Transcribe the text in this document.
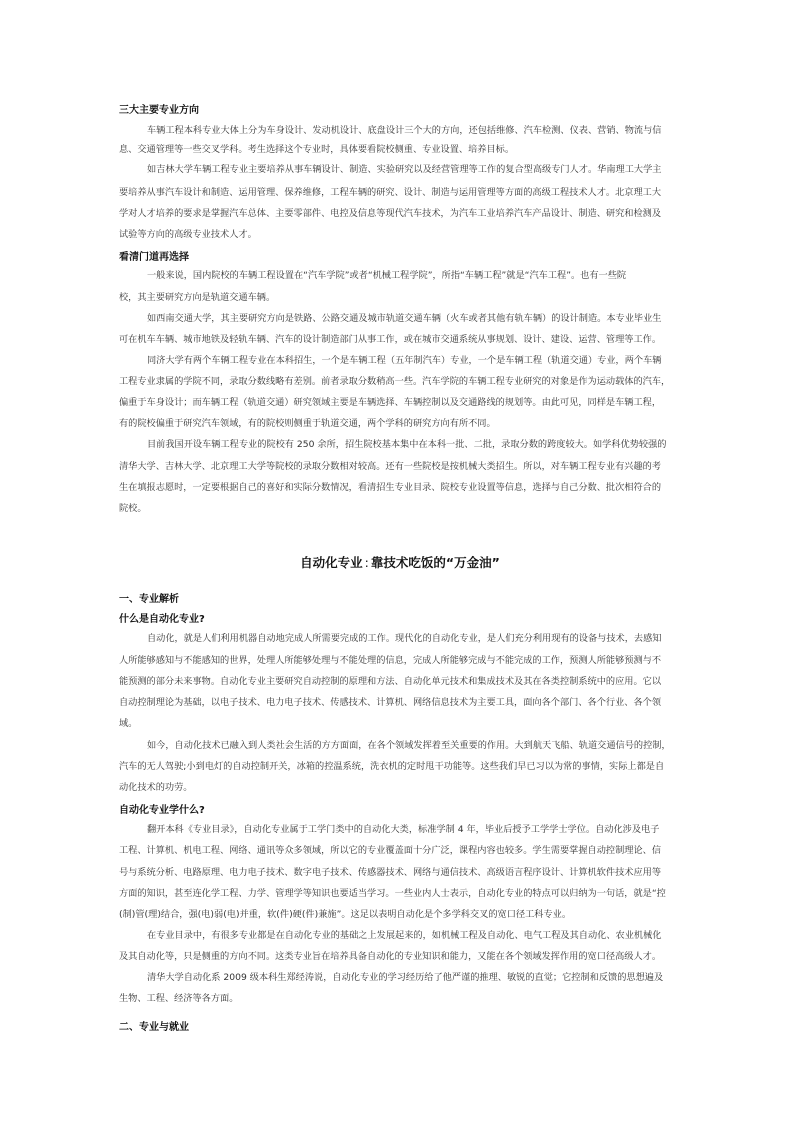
三大主要专业方向
车辆工程本科专业大体上分为车身设计、发动机设计、底盘设计三个大的方向，还包括维修、汽车检测、仪表、营销、物流与信
息、交通管理等一些交叉学科。考生选择这个专业时，具体要看院校侧重、专业设置、培养目标。
如吉林大学车辆工程专业主要培养从事车辆设计、制造、实验研究以及经营管理等工作的复合型高级专门人才。华南理工大学主
要培养从事汽车设计和制造、运用管理、保养维修，工程车辆的研究、设计、制造与运用管理等方面的高级工程技术人才。北京理工大
学对人才培养的要求是掌握汽车总体、主要零部件、电控及信息等现代汽车技术，为汽车工业培养汽车产品设计、制造、研究和检测及
试验等方向的高级专业技术人才。
看清门道再选择
一般来说，国内院校的车辆工程设置在“汽车学院”或者“机械工程学院”，所指“车辆工程”就是“汽车工程”。也有一些院
校，其主要研究方向是轨道交通车辆。
如西南交通大学，其主要研究方向是铁路、公路交通及城市轨道交通车辆（火车或者其他有轨车辆）的设计制造。本专业毕业生
可在机车车辆、城市地铁及轻轨车辆、汽车的设计制造部门从事工作，或在城市交通系统从事规划、设计、建设、运营、管理等工作。
同济大学有两个车辆工程专业在本科招生，一个是车辆工程（五年制汽车）专业，一个是车辆工程（轨道交通）专业，两个车辆
工程专业隶属的学院不同，录取分数线略有差别。前者录取分数稍高一些。汽车学院的车辆工程专业研究的对象是作为运动载体的汽车，
偏重于车身设计；而车辆工程（轨道交通）研究领域主要是车辆选择、车辆控制以及交通路线的规划等。由此可见，同样是车辆工程，
有的院校偏重于研究汽车领域，有的院校则侧重于轨道交通，两个学科的研究方向有所不同。
目前我国开设车辆工程专业的院校有 250 余所，招生院校基本集中在本科一批、二批，录取分数的跨度较大。如学科优势较强的
清华大学、吉林大学、北京理工大学等院校的录取分数相对较高。还有一些院校是按机械大类招生。所以，对车辆工程专业有兴趣的考
生在填报志愿时，一定要根据自己的喜好和实际分数情况，看清招生专业目录、院校专业设置等信息，选择与自己分数、批次相符合的
院校。
自动化专业 : 靠技术吃饭的“万金油”
一、专业解析
什么是自动化专业?
自动化，就是人们利用机器自动地完成人所需要完成的工作。现代化的自动化专业，是人们充分利用现有的设备与技术，去感知
人所能够感知与不能感知的世界，处理人所能够处理与不能处理的信息，完成人所能够完成与不能完成的工作，预测人所能够预测与不
能预测的部分未来事物。自动化专业主要研究自动控制的原理和方法、自动化单元技术和集成技术及其在各类控制系统中的应用。它以
自动控制理论为基础，以电子技术、电力电子技术、传感技术、计算机、网络信息技术为主要工具，面向各个部门、各个行业、各个领
域。
如今，自动化技术已融入到人类社会生活的方方面面，在各个领域发挥着至关重要的作用。大到航天飞船、轨道交通信号的控制，
汽车的无人驾驶;小到电灯的自动控制开关，冰箱的控温系统，洗衣机的定时甩干功能等。这些我们早已习以为常的事情，实际上都是自
动化技术的功劳。
自动化专业学什么?
翻开本科《专业目录》，自动化专业属于工学门类中的自动化大类，标准学制 4 年，毕业后授予工学学士学位。自动化涉及电子
工程、计算机、机电工程、网络、通讯等众多领域，所以它的专业覆盖面十分广泛，课程内容也较多。学生需要掌握自动控制理论、信
号与系统分析、电路原理、电力电子技术、数字电子技术、传感器技术、网络与通信技术、高级语言程序设计、计算机软件技术应用等
方面的知识，甚至连化学工程、力学、管理学等知识也要适当学习。一些业内人士表示，自动化专业的特点可以归纳为一句话，就是“控
(制)管(理)结合，强(电)弱(电)并重，软(件)硬(件)兼施”。这足以表明自动化是个多学科交叉的宽口径工科专业。
在专业目录中，有很多专业都是在自动化专业的基础之上发展起来的，如机械工程及自动化、电气工程及其自动化、农业机械化
及其自动化等，只是侧重的方向不同。这类专业旨在培养具备自动化的专业知识和能力，又能在各个领域发挥作用的宽口径高级人才。
清华大学自动化系 2009 级本科生郑经涛说，自动化专业的学习经历给了他严谨的推理、敏锐的直觉；它控制和反馈的思想遍及
生物、工程、经济等各方面。
二、专业与就业
